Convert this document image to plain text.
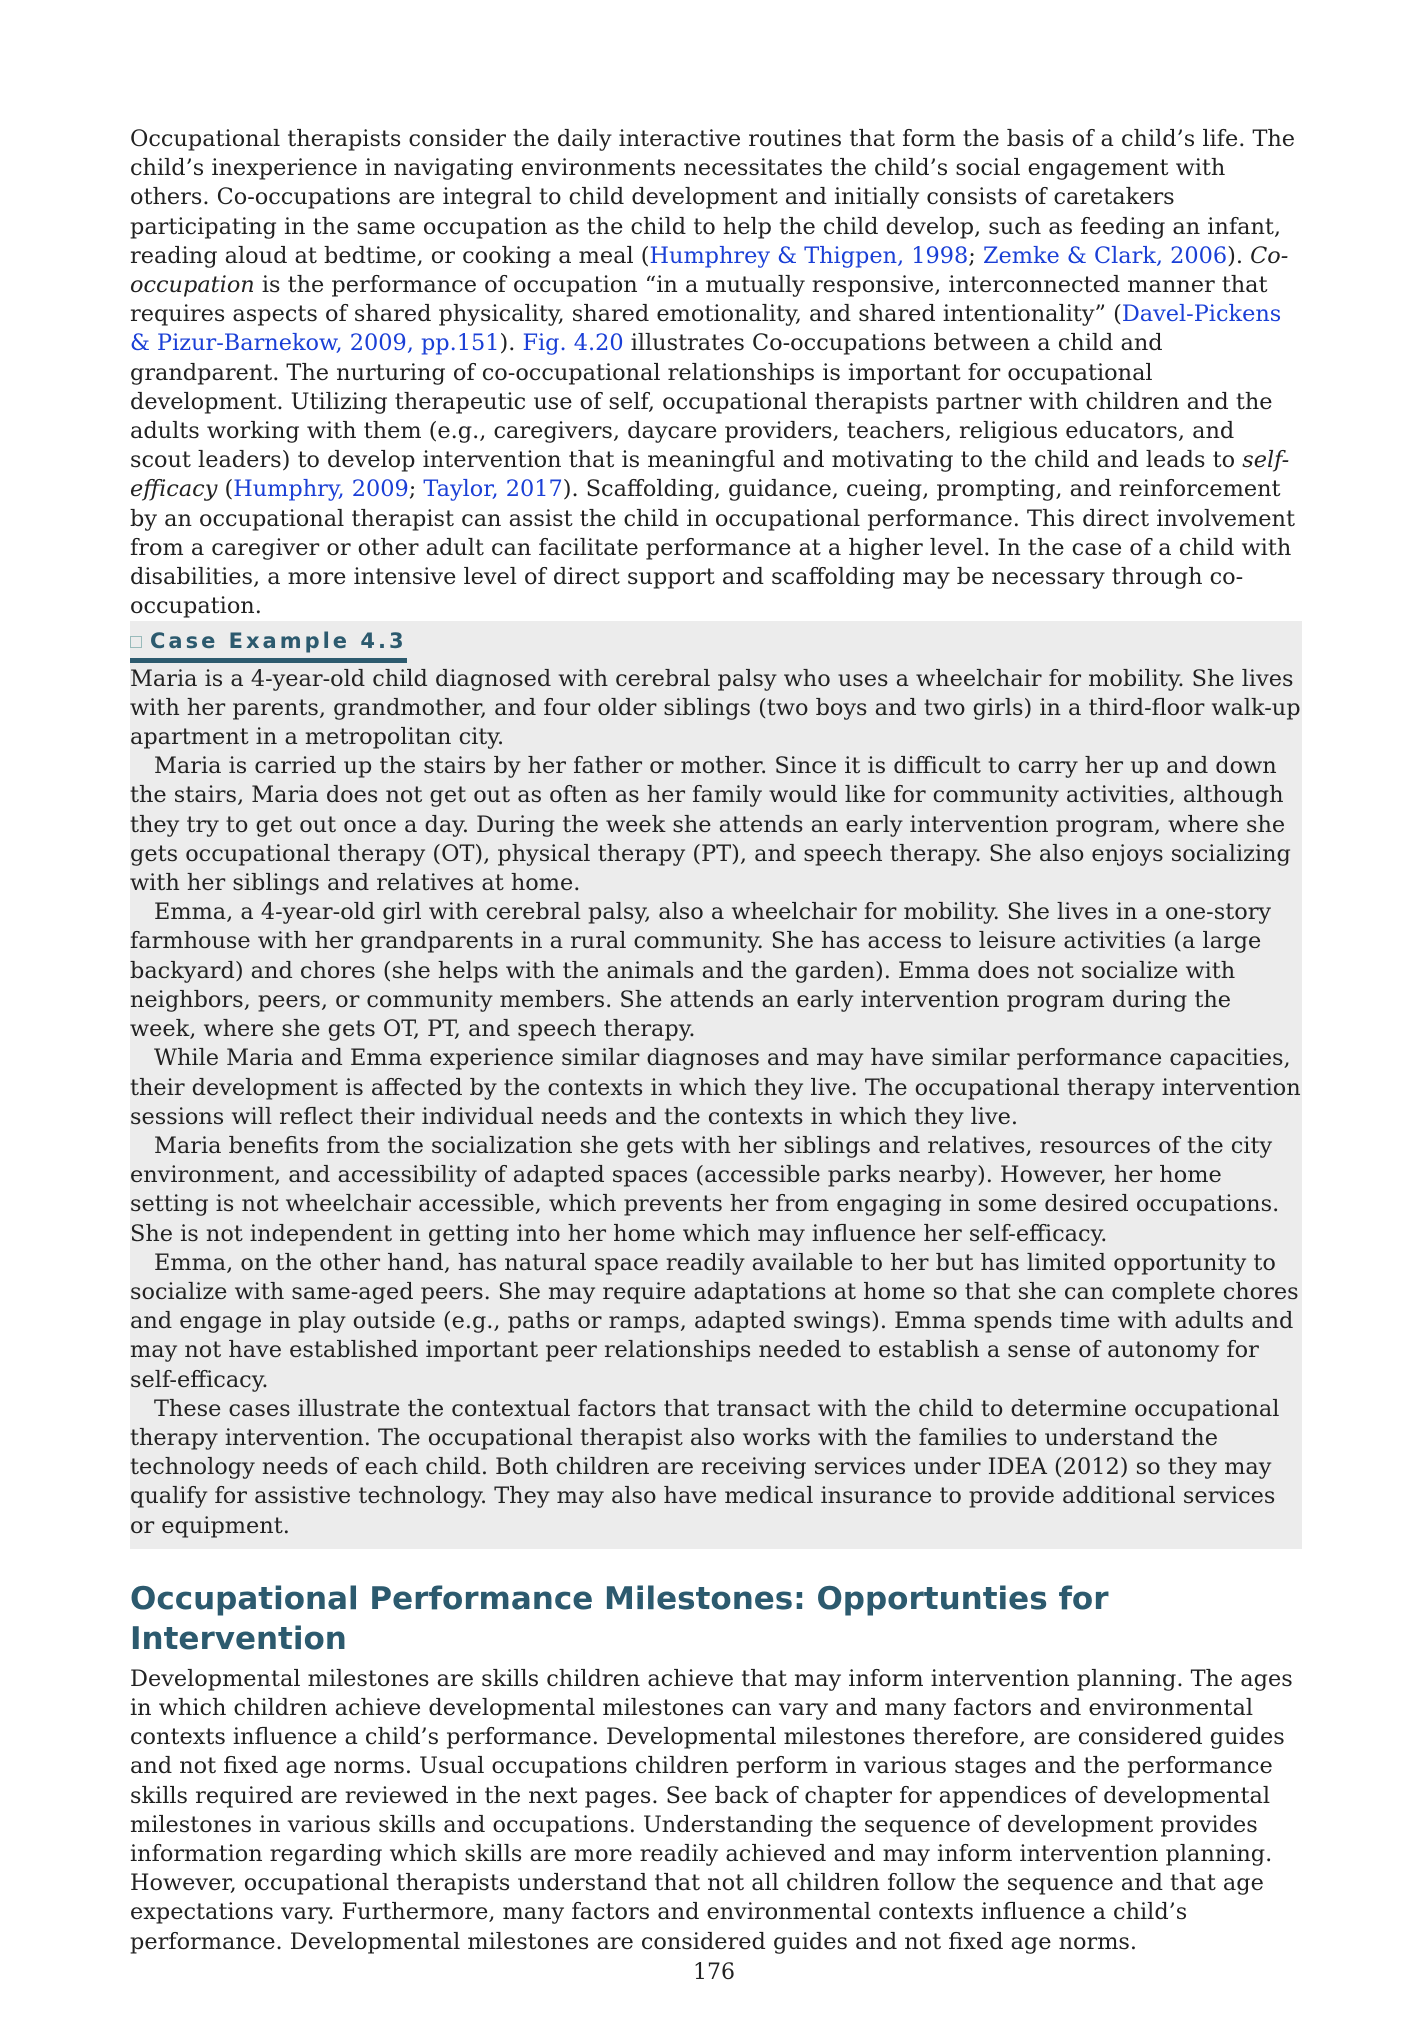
Occupational therapists consider the daily interactive routines that form the basis of a child’s life. The child’s inexperience in navigating environments necessitates the child’s social engagement with others. Co-occupations are integral to child development and initially consists of caretakers participating in the same occupation as the child to help the child develop, such as feeding an infant, reading aloud at bedtime, or cooking a meal (Humphrey & Thigpen, 1998; Zemke & Clark, 2006). Co-occupation is the performance of occupation “in a mutually responsive, interconnected manner that requires aspects of shared physicality, shared emotionality, and shared intentionality” (Davel-Pickens & Pizur-Barnekow, 2009, pp.151). Fig. 4.20 illustrates Co-occupations between a child and grandparent. The nurturing of co-occupational relationships is important for occupational development. Utilizing therapeutic use of self, occupational therapists partner with children and the adults working with them (e.g., caregivers, daycare providers, teachers, religious educators, and scout leaders) to develop intervention that is meaningful and motivating to the child and leads to self-efficacy (Humphry, 2009; Taylor, 2017). Scaffolding, guidance, cueing, prompting, and reinforcement by an occupational therapist can assist the child in occupational performance. This direct involvement from a caregiver or other adult can facilitate performance at a higher level. In the case of a child with disabilities, a more intensive level of direct support and scaffolding may be necessary through co-occupation.

Case Example 4.3

Maria is a 4-year-old child diagnosed with cerebral palsy who uses a wheelchair for mobility. She lives with her parents, grandmother, and four older siblings (two boys and two girls) in a third-floor walk-up apartment in a metropolitan city.

Maria is carried up the stairs by her father or mother. Since it is difficult to carry her up and down the stairs, Maria does not get out as often as her family would like for community activities, although they try to get out once a day. During the week she attends an early intervention program, where she gets occupational therapy (OT), physical therapy (PT), and speech therapy. She also enjoys socializing with her siblings and relatives at home.

Emma, a 4-year-old girl with cerebral palsy, also a wheelchair for mobility. She lives in a one-story farmhouse with her grandparents in a rural community. She has access to leisure activities (a large backyard) and chores (she helps with the animals and the garden). Emma does not socialize with neighbors, peers, or community members. She attends an early intervention program during the week, where she gets OT, PT, and speech therapy.

While Maria and Emma experience similar diagnoses and may have similar performance capacities, their development is affected by the contexts in which they live. The occupational therapy intervention sessions will reflect their individual needs and the contexts in which they live.

Maria benefits from the socialization she gets with her siblings and relatives, resources of the city environment, and accessibility of adapted spaces (accessible parks nearby). However, her home setting is not wheelchair accessible, which prevents her from engaging in some desired occupations. She is not independent in getting into her home which may influence her self-efficacy.

Emma, on the other hand, has natural space readily available to her but has limited opportunity to socialize with same-aged peers. She may require adaptations at home so that she can complete chores and engage in play outside (e.g., paths or ramps, adapted swings). Emma spends time with adults and may not have established important peer relationships needed to establish a sense of autonomy for self-efficacy.

These cases illustrate the contextual factors that transact with the child to determine occupational therapy intervention. The occupational therapist also works with the families to understand the technology needs of each child. Both children are receiving services under IDEA (2012) so they may qualify for assistive technology. They may also have medical insurance to provide additional services or equipment.

Occupational Performance Milestones: Opportunties for Intervention

Developmental milestones are skills children achieve that may inform intervention planning. The ages in which children achieve developmental milestones can vary and many factors and environmental contexts influence a child’s performance. Developmental milestones therefore, are considered guides and not fixed age norms. Usual occupations children perform in various stages and the performance skills required are reviewed in the next pages. See back of chapter for appendices of developmental milestones in various skills and occupations. Understanding the sequence of development provides information regarding which skills are more readily achieved and may inform intervention planning. However, occupational therapists understand that not all children follow the sequence and that age expectations vary. Furthermore, many factors and environmental contexts influence a child’s performance. Developmental milestones are considered guides and not fixed age norms.

176
